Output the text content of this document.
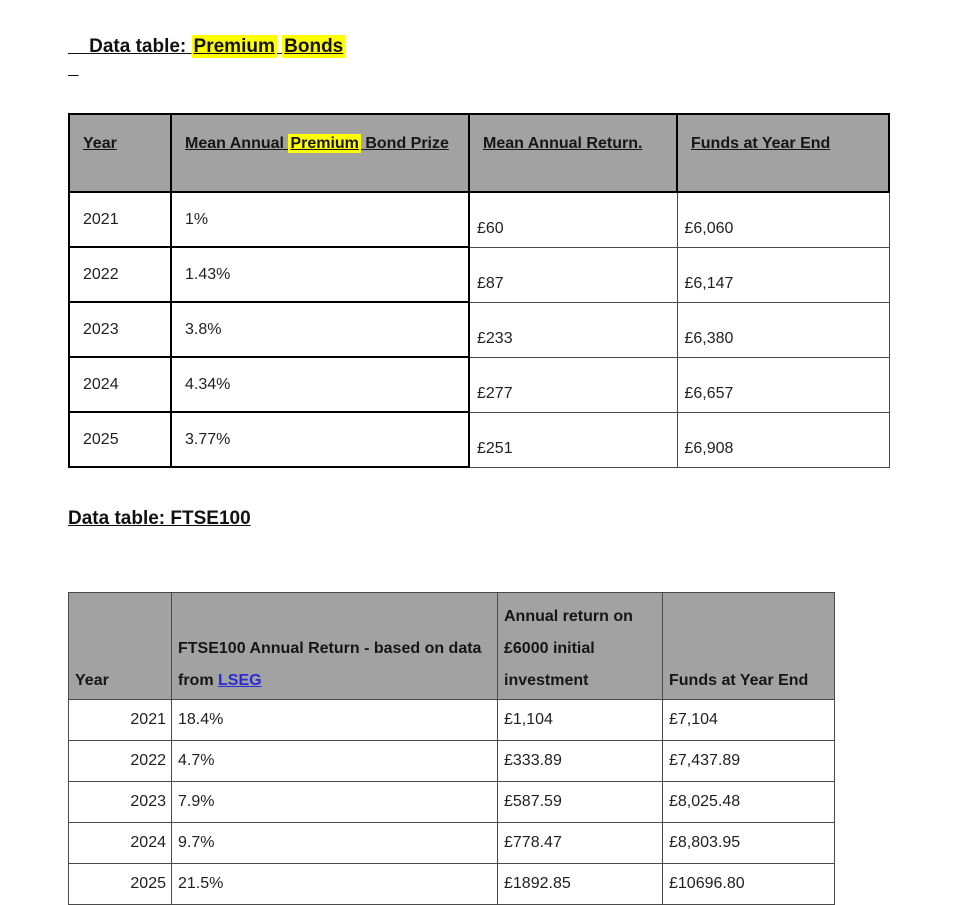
Data table: Premium Bonds

Year	Mean Annual Premium Bond Prize	Mean Annual Return.	Funds at Year End
2021	1%	£60	£6,060
2022	1.43%	£87	£6,147
2023	3.8%	£233	£6,380
2024	4.34%	£277	£6,657
2025	3.77%	£251	£6,908
Data table: FTSE100
Year	FTSE100 Annual Return - based on data from LSEG	Annual return on £6000 initial investment	Funds at Year End
2021	18.4%	£1,104	£7,104
2022	4.7%	£333.89	£7,437.89
2023	7.9%	£587.59	£8,025.48
2024	9.7%	£778.47	£8,803.95
2025	21.5%	£1892.85	£10696.80
